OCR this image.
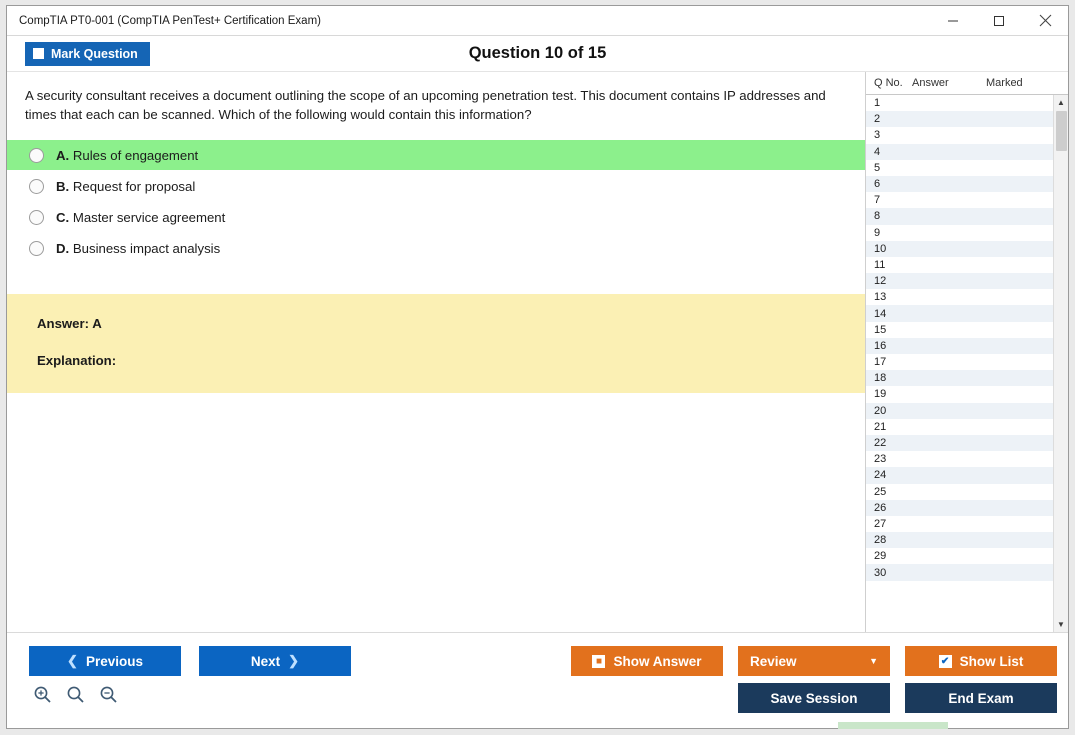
CompTIA PT0-001 (CompTIA PenTest+ Certification Exam)
Mark Question	Question 10 of 15
A security consultant receives a document outlining the scope of an upcoming penetration test. This document contains IP addresses and times that each can be scanned. Which of the following would contain this information?
A. Rules of engagement
B. Request for proposal
C. Master service agreement
D. Business impact analysis
Answer: A
Explanation:
Q No. Answer	Marked
1
2
3
4
5
6
7
8
9
10
11
12
13
14
15
16
17
18
19
20
21
22
23
24
25
26
27
28
29
30
▲
▼
❮ Previous	Next ❯	■ Show Answer	Review	▼	✔ Show List
Save Session	End Exam
